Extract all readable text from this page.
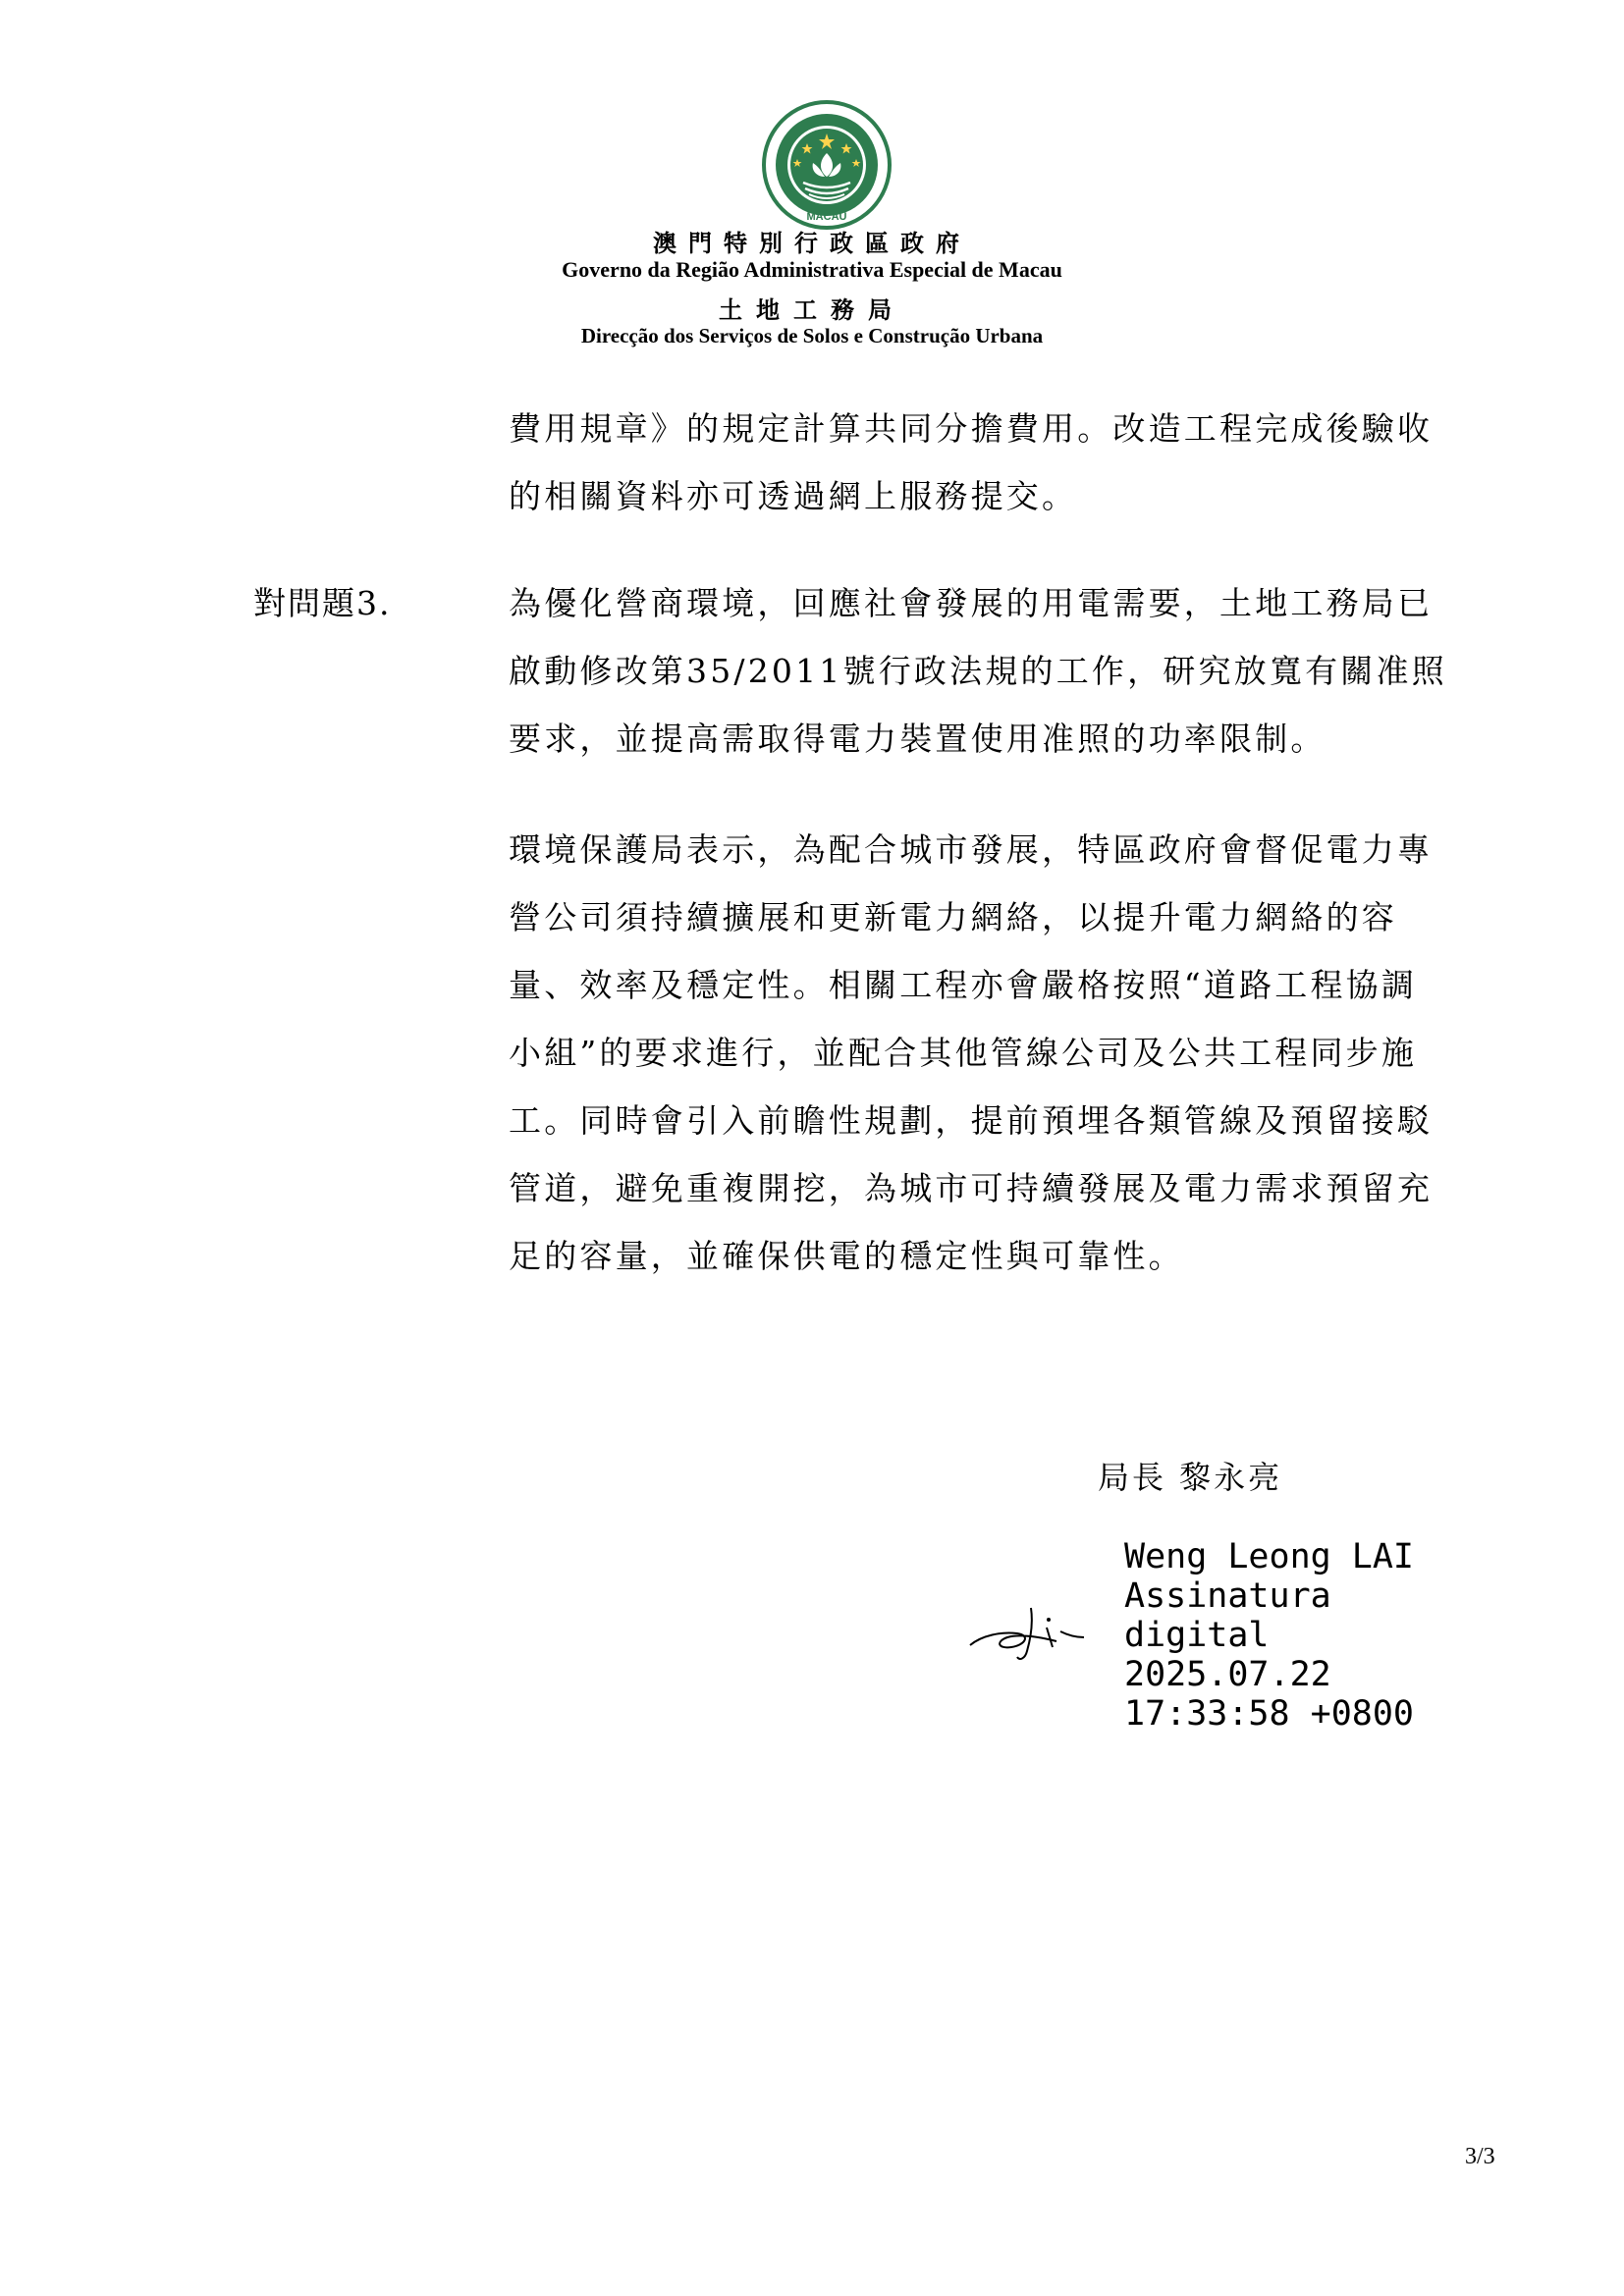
MACAU
澳門特別行政區政府
Governo da Região Administrativa Especial de Macau
土地工務局
Direcção dos Serviços de Solos e Construção Urbana

費用規章》的規定計算共同分擔費用。改造工程完成後驗收

的相關資料亦可透過網上服務提交。

對問題3.	為優化營商環境，回應社會發展的用電需要，土地工務局已

啟動修改第35/2011號行政法規的工作，研究放寬有關准照

要求，並提高需取得電力裝置使用准照的功率限制。

環境保護局表示，為配合城市發展，特區政府會督促電力專

營公司須持續擴展和更新電力網絡，以提升電力網絡的容

量、效率及穩定性。相關工程亦會嚴格按照“道路工程協調

小組”的要求進行，並配合其他管線公司及公共工程同步施

工。同時會引入前瞻性規劃，提前預埋各類管線及預留接駁

管道，避免重複開挖，為城市可持續發展及電力需求預留充

足的容量，並確保供電的穩定性與可靠性。

局長 黎永亮
Weng Leong LAI
Assinatura
digital
2025.07.22
17:33:58 +0800
3/3
